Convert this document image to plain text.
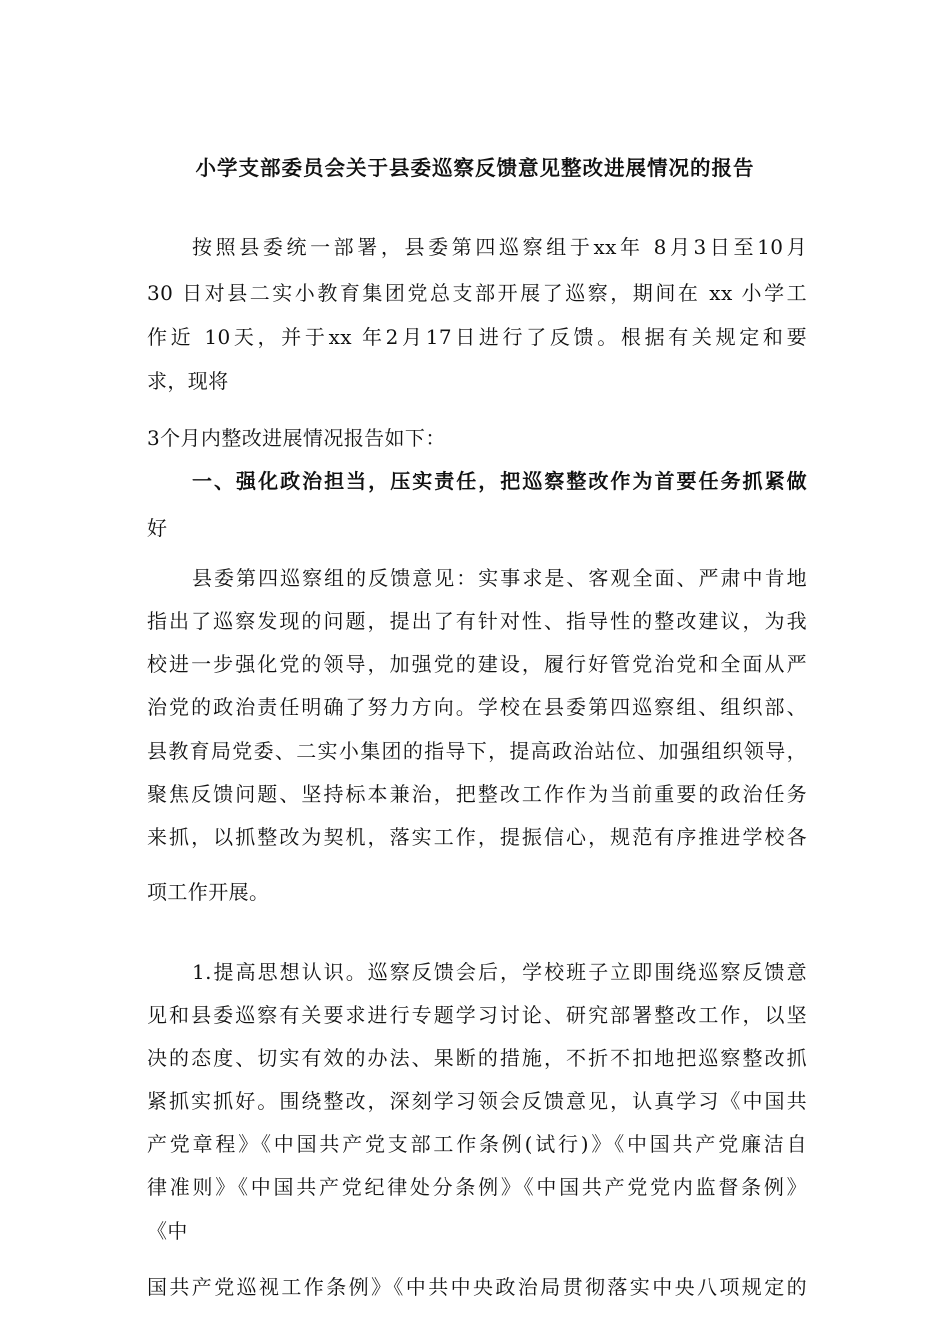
小学支部委员会关于县委巡察反馈意见整改进展情况的报告
按照县委统一部署，县委第四巡察组于xx年 8月3日至10月
30 日对县二实小教育集团党总支部开展了巡察，期间在 xx 小学工
作近 10天，并于xx 年2月17日进行了反馈。根据有关规定和要
求，现将
3个月内整改进展情况报告如下：
一、强化政治担当，压实责任，把巡察整改作为首要任务抓紧做
好
县委第四巡察组的反馈意见：实事求是、客观全面、严肃中肯地
指出了巡察发现的问题，提出了有针对性、指导性的整改建议，为我
校进一步强化党的领导，加强党的建设，履行好管党治党和全面从严
治党的政治责任明确了努力方向。学校在县委第四巡察组、组织部、
县教育局党委、二实小集团的指导下，提高政治站位、加强组织领导，
聚焦反馈问题、坚持标本兼治，把整改工作作为当前重要的政治任务
来抓，以抓整改为契机，落实工作，提振信心，规范有序推进学校各
项工作开展。
1.提高思想认识。巡察反馈会后，学校班子立即围绕巡察反馈意
见和县委巡察有关要求进行专题学习讨论、研究部署整改工作，以坚
决的态度、切实有效的办法、果断的措施，不折不扣地把巡察整改抓
紧抓实抓好。围绕整改，深刻学习领会反馈意见，认真学习《中国共
产党章程》《中国共产党支部工作条例(试行)》《中国共产党廉洁自
律准则》《中国共产党纪律处分条例》《中国共产党党内监督条例》
《中
国共产党巡视工作条例》《中共中央政治局贯彻落实中央八项规定的
